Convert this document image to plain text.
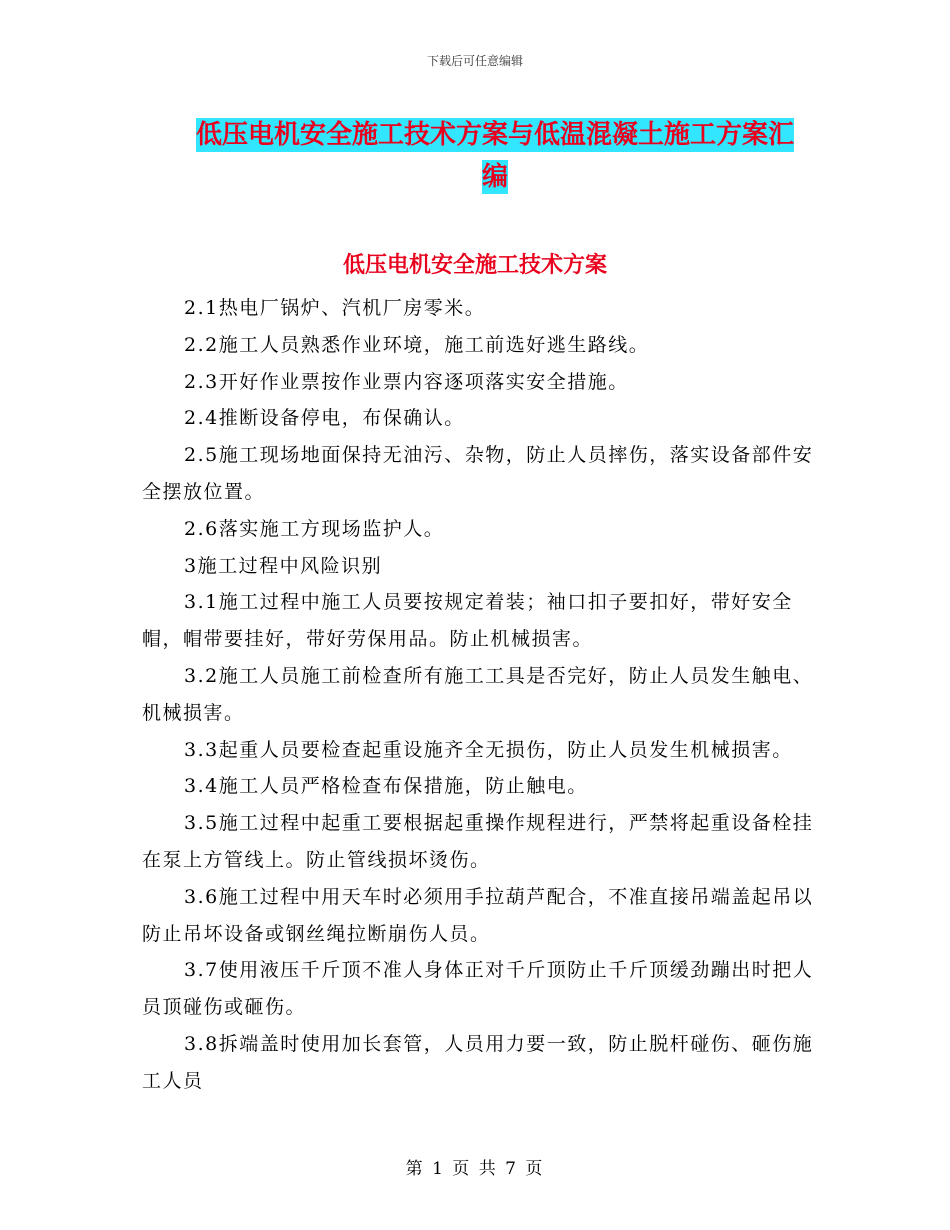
下载后可任意编辑
低压电机安全施工技术方案与低温混凝土施工方案汇
编
低压电机安全施工技术方案

2.1热电厂锅炉、汽机厂房零米。

2.2施工人员熟悉作业环境，施工前选好逃生路线。

2.3开好作业票按作业票内容逐项落实安全措施。

2.4推断设备停电，布保确认。

2.5施工现场地面保持无油污、杂物，防止人员摔伤，落实设备部件安全摆放位置。

2.6落实施工方现场监护人。

3施工过程中风险识别

3.1施工过程中施工人员要按规定着装；袖口扣子要扣好，带好安全帽，帽带要挂好，带好劳保用品。防止机械损害。

3.2施工人员施工前检查所有施工工具是否完好，防止人员发生触电、机械损害。

3.3起重人员要检查起重设施齐全无损伤，防止人员发生机械损害。

3.4施工人员严格检查布保措施，防止触电。

3.5施工过程中起重工要根据起重操作规程进行，严禁将起重设备栓挂在泵上方管线上。防止管线损坏烫伤。

3.6施工过程中用天车时必须用手拉葫芦配合，不准直接吊端盖起吊以防止吊坏设备或钢丝绳拉断崩伤人员。

3.7使用液压千斤顶不准人身体正对千斤顶防止千斤顶缓劲蹦出时把人员顶碰伤或砸伤。

3.8拆端盖时使用加长套管，人员用力要一致，防止脱杆碰伤、砸伤施工人员

第 1 页 共 7 页
